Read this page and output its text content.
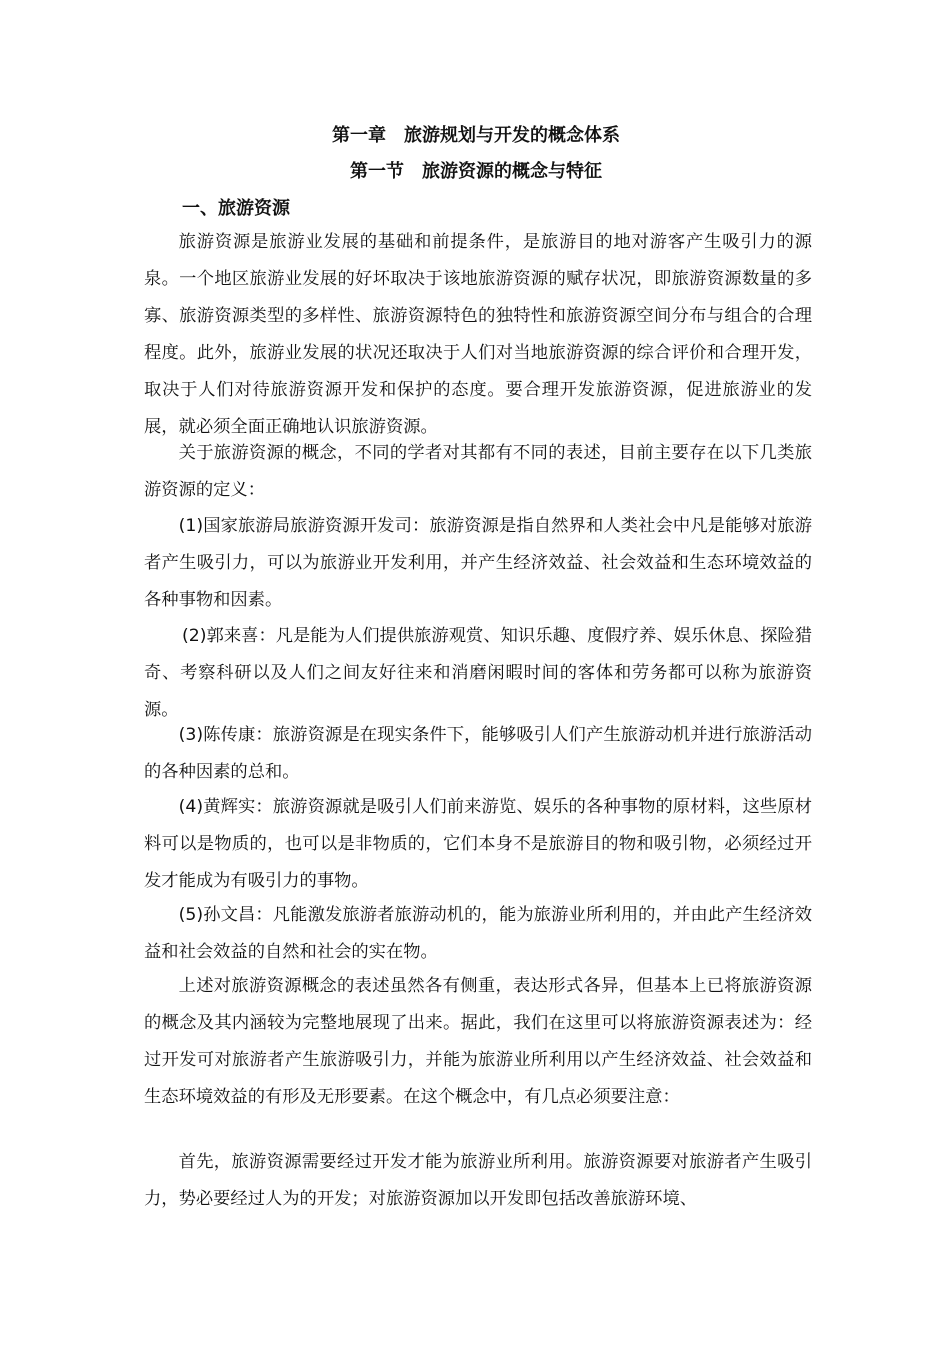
第一章　旅游规划与开发的概念体系
第一节　旅游资源的概念与特征
一、旅游资源

旅游资源是旅游业发展的基础和前提条件，是旅游目的地对游客产生吸引力的源泉。一个地区旅游业发展的好坏取决于该地旅游资源的赋存状况，即旅游资源数量的多寡、旅游资源类型的多样性、旅游资源特色的独特性和旅游资源空间分布与组合的合理程度。此外，旅游业发展的状况还取决于人们对当地旅游资源的综合评价和合理开发，取决于人们对待旅游资源开发和保护的态度。要合理开发旅游资源，促进旅游业的发展，就必须全面正确地认识旅游资源。

关于旅游资源的概念，不同的学者对其都有不同的表述，目前主要存在以下几类旅游资源的定义：

(1)国家旅游局旅游资源开发司：旅游资源是指自然界和人类社会中凡是能够对旅游者产生吸引力，可以为旅游业开发利用，并产生经济效益、社会效益和生态环境效益的各种事物和因素。

(2)郭来喜：凡是能为人们提供旅游观赏、知识乐趣、度假疗养、娱乐休息、探险猎奇、考察科研以及人们之间友好往来和消磨闲暇时间的客体和劳务都可以称为旅游资源。

(3)陈传康：旅游资源是在现实条件下，能够吸引人们产生旅游动机并进行旅游活动的各种因素的总和。

(4)黄辉实：旅游资源就是吸引人们前来游览、娱乐的各种事物的原材料，这些原材料可以是物质的，也可以是非物质的，它们本身不是旅游目的物和吸引物，必须经过开发才能成为有吸引力的事物。

(5)孙文昌：凡能激发旅游者旅游动机的，能为旅游业所利用的，并由此产生经济效益和社会效益的自然和社会的实在物。

上述对旅游资源概念的表述虽然各有侧重，表达形式各异，但基本上已将旅游资源的概念及其内涵较为完整地展现了出来。据此，我们在这里可以将旅游资源表述为：经过开发可对旅游者产生旅游吸引力，并能为旅游业所利用以产生经济效益、社会效益和生态环境效益的有形及无形要素。在这个概念中，有几点必须要注意：

首先，旅游资源需要经过开发才能为旅游业所利用。旅游资源要对旅游者产生吸引力，势必要经过人为的开发；对旅游资源加以开发即包括改善旅游环境、
